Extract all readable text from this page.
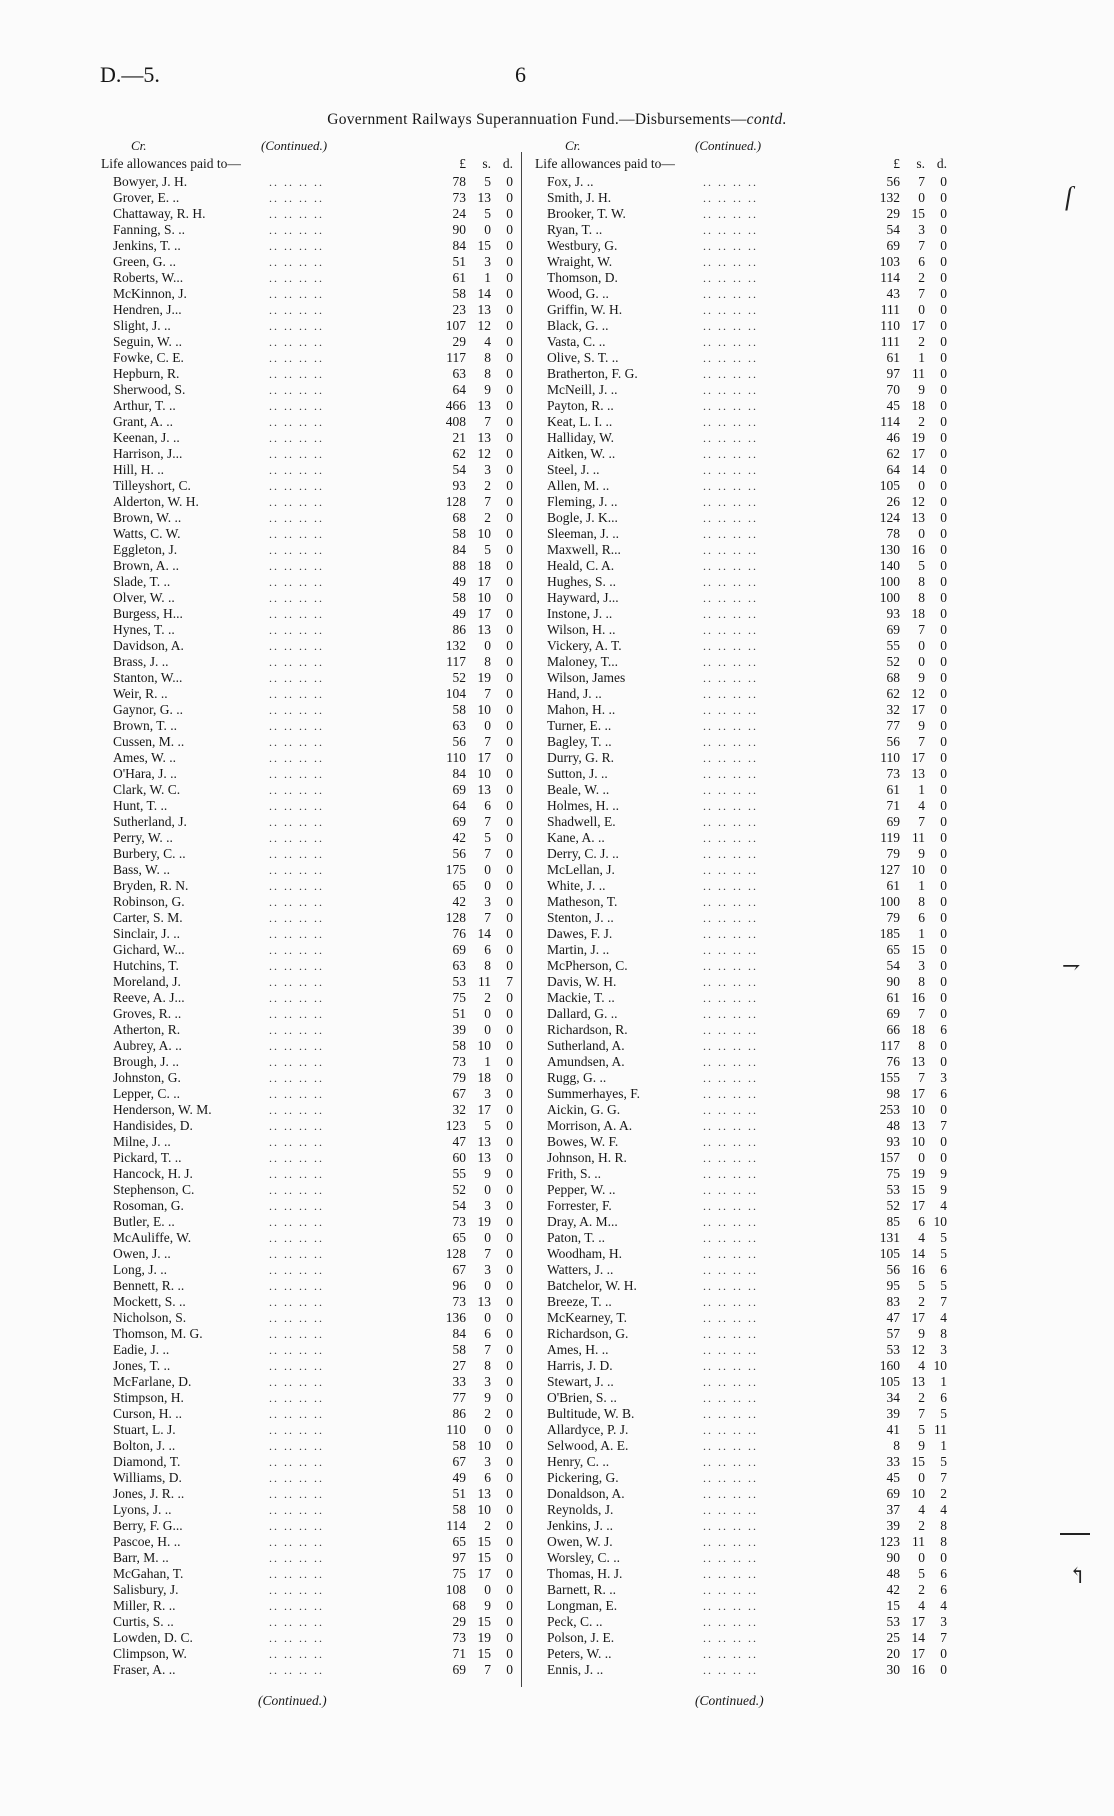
D.—5.	6
Government Railways Superannuation Fund.—Disbursements—contd.
Cr.	(Continued.)
Life allowances paid to—	£	s. d.
Bowyer, J. H.	.. .. .. ..	78	5	0
Grover, E. ..	.. .. .. ..	73 13	0
Chattaway, R. H.	.. .. .. ..	24	5	0
Fanning, S. ..	.. .. .. ..	90	0	0
Jenkins, T. ..	.. .. .. ..	84 15	0
Green, G. ..	.. .. .. ..	51	3	0
Roberts, W...	.. .. .. ..	61	1	0
McKinnon, J.	.. .. .. ..	58 14	0
Hendren, J...	.. .. .. ..	23 13	0
Slight, J. ..	.. .. .. ..	107 12	0
Seguin, W. ..	.. .. .. ..	29	4	0
Fowke, C. E.	.. .. .. ..	117	8	0
Hepburn, R.	.. .. .. ..	63	8	0
Sherwood, S.	.. .. .. ..	64	9	0
Arthur, T. ..	.. .. .. ..	466 13	0
Grant, A. ..	.. .. .. ..	408	7	0
Keenan, J. ..	.. .. .. ..	21 13	0
Harrison, J...	.. .. .. ..	62 12	0
Hill, H. ..	.. .. .. ..	54	3	0
Tilleyshort, C.	.. .. .. ..	93	2	0
Alderton, W. H.	.. .. .. ..	128	7	0
Brown, W. ..	.. .. .. ..	68	2	0
Watts, C. W.	.. .. .. ..	58 10	0
Eggleton, J.	.. .. .. ..	84	5	0
Brown, A. ..	.. .. .. ..	88 18	0
Slade, T. ..	.. .. .. ..	49 17	0
Olver, W. ..	.. .. .. ..	58 10	0
Burgess, H...	.. .. .. ..	49 17	0
Hynes, T. ..	.. .. .. ..	86 13	0
Davidson, A.	.. .. .. ..	132	0	0
Brass, J. ..	.. .. .. ..	117	8	0
Stanton, W...	.. .. .. ..	52 19	0
Weir, R. ..	.. .. .. ..	104	7	0
Gaynor, G. ..	.. .. .. ..	58 10	0
Brown, T. ..	.. .. .. ..	63	0	0
Cussen, M. ..	.. .. .. ..	56	7	0
Ames, W. ..	.. .. .. ..	110 17	0
O'Hara, J. ..	.. .. .. ..	84 10	0
Clark, W. C.	.. .. .. ..	69 13	0
Hunt, T. ..	.. .. .. ..	64	6	0
Sutherland, J.	.. .. .. ..	69	7	0
Perry, W. ..	.. .. .. ..	42	5	0
Burbery, C. ..	.. .. .. ..	56	7	0
Bass, W. ..	.. .. .. ..	175	0	0
Bryden, R. N.	.. .. .. ..	65	0	0
Robinson, G.	.. .. .. ..	42	3	0
Carter, S. M.	.. .. .. ..	128	7	0
Sinclair, J. ..	.. .. .. ..	76 14	0
Gichard, W...	.. .. .. ..	69	6	0
Hutchins, T.	.. .. .. ..	63	8	0
Moreland, J.	.. .. .. ..	53 11	7
Reeve, A. J...	.. .. .. ..	75	2	0
Groves, R. ..	.. .. .. ..	51	0	0
Atherton, R.	.. .. .. ..	39	0	0
Aubrey, A. ..	.. .. .. ..	58 10	0
Brough, J. ..	.. .. .. ..	73	1	0
Johnston, G.	.. .. .. ..	79 18	0
Lepper, C. ..	.. .. .. ..	67	3	0
Henderson, W. M.	.. .. .. ..	32 17	0
Handisides, D.	.. .. .. ..	123	5	0
Milne, J. ..	.. .. .. ..	47 13	0
Pickard, T. ..	.. .. .. ..	60 13	0
Hancock, H. J.	.. .. .. ..	55	9	0
Stephenson, C.	.. .. .. ..	52	0	0
Rosoman, G.	.. .. .. ..	54	3	0
Butler, E. ..	.. .. .. ..	73 19	0
McAuliffe, W.	.. .. .. ..	65	0	0
Owen, J. ..	.. .. .. ..	128	7	0
Long, J. ..	.. .. .. ..	67	3	0
Bennett, R. ..	.. .. .. ..	96	0	0
Mockett, S. ..	.. .. .. ..	73 13	0
Nicholson, S.	.. .. .. ..	136	0	0
Thomson, M. G.	.. .. .. ..	84	6	0
Eadie, J. ..	.. .. .. ..	58	7	0
Jones, T. ..	.. .. .. ..	27	8	0
McFarlane, D.	.. .. .. ..	33	3	0
Stimpson, H.	.. .. .. ..	77	9	0
Curson, H. ..	.. .. .. ..	86	2	0
Stuart, L. J.	.. .. .. ..	110	0	0
Bolton, J. ..	.. .. .. ..	58 10	0
Diamond, T.	.. .. .. ..	67	3	0
Williams, D.	.. .. .. ..	49	6	0
Jones, J. R. ..	.. .. .. ..	51 13	0
Lyons, J. ..	.. .. .. ..	58 10	0
Berry, F. G...	.. .. .. ..	114	2	0
Pascoe, H. ..	.. .. .. ..	65 15	0
Barr, M. ..	.. .. .. ..	97 15	0
McGahan, T.	.. .. .. ..	75 17	0
Salisbury, J.	.. .. .. ..	108	0	0
Miller, R. ..	.. .. .. ..	68	9	0
Curtis, S. ..	.. .. .. ..	29 15	0
Lowden, D. C.	.. .. .. ..	73 19	0
Climpson, W.	.. .. .. ..	71 15	0
Fraser, A. ..	.. .. .. ..	69	7	0
Cr.	(Continued.)
Life allowances paid to—	£	s. d.
Fox, J. ..	.. .. .. ..	56	7	0
Smith, J. H.	.. .. .. ..	132	0	0
Brooker, T. W.	.. .. .. ..	29 15	0
Ryan, T. ..	.. .. .. ..	54	3	0
Westbury, G.	.. .. .. ..	69	7	0
Wraight, W.	.. .. .. ..	103	6	0
Thomson, D.	.. .. .. ..	114	2	0
Wood, G. ..	.. .. .. ..	43	7	0
Griffin, W. H.	.. .. .. ..	111	0	0
Black, G. ..	.. .. .. ..	110 17	0
Vasta, C. ..	.. .. .. ..	111	2	0
Olive, S. T. ..	.. .. .. ..	61	1	0
Bratherton, F. G.	.. .. .. ..	97 11	0
McNeill, J. ..	.. .. .. ..	70	9	0
Payton, R. ..	.. .. .. ..	45 18	0
Keat, L. I. ..	.. .. .. ..	114	2	0
Halliday, W.	.. .. .. ..	46 19	0
Aitken, W. ..	.. .. .. ..	62 17	0
Steel, J. ..	.. .. .. ..	64 14	0
Allen, M. ..	.. .. .. ..	105	0	0
Fleming, J. ..	.. .. .. ..	26 12	0
Bogle, J. K...	.. .. .. ..	124 13	0
Sleeman, J. ..	.. .. .. ..	78	0	0
Maxwell, R...	.. .. .. ..	130 16	0
Heald, C. A.	.. .. .. ..	140	5	0
Hughes, S. ..	.. .. .. ..	100	8	0
Hayward, J...	.. .. .. ..	100	8	0
Instone, J. ..	.. .. .. ..	93 18	0
Wilson, H. ..	.. .. .. ..	69	7	0
Vickery, A. T.	.. .. .. ..	55	0	0
Maloney, T...	.. .. .. ..	52	0	0
Wilson, James	.. .. .. ..	68	9	0
Hand, J. ..	.. .. .. ..	62 12	0
Mahon, H. ..	.. .. .. ..	32 17	0
Turner, E. ..	.. .. .. ..	77	9	0
Bagley, T. ..	.. .. .. ..	56	7	0
Durry, G. R.	.. .. .. ..	110 17	0
Sutton, J. ..	.. .. .. ..	73 13	0
Beale, W. ..	.. .. .. ..	61	1	0
Holmes, H. ..	.. .. .. ..	71	4	0
Shadwell, E.	.. .. .. ..	69	7	0
Kane, A. ..	.. .. .. ..	119 11	0
Derry, C. J. ..	.. .. .. ..	79	9	0
McLellan, J.	.. .. .. ..	127 10	0
White, J. ..	.. .. .. ..	61	1	0
Matheson, T.	.. .. .. ..	100	8	0
Stenton, J. ..	.. .. .. ..	79	6	0
Dawes, F. J.	.. .. .. ..	185	1	0
Martin, J. ..	.. .. .. ..	65 15	0
McPherson, C.	.. .. .. ..	54	3	0
Davis, W. H.	.. .. .. ..	90	8	0
Mackie, T. ..	.. .. .. ..	61 16	0
Dallard, G. ..	.. .. .. ..	69	7	0
Richardson, R.	.. .. .. ..	66 18	6
Sutherland, A.	.. .. .. ..	117	8	0
Amundsen, A.	.. .. .. ..	76 13	0
Rugg, G. ..	.. .. .. ..	155	7	3
Summerhayes, F.	.. .. .. ..	98 17	6
Aickin, G. G.	.. .. .. ..	253 10	0
Morrison, A. A.	.. .. .. ..	48 13	7
Bowes, W. F.	.. .. .. ..	93 10	0
Johnson, H. R.	.. .. .. ..	157	0	0
Frith, S. ..	.. .. .. ..	75 19	9
Pepper, W. ..	.. .. .. ..	53 15	9
Forrester, F.	.. .. .. ..	52 17	4
Dray, A. M...	.. .. .. ..	85	6 10
Paton, T. ..	.. .. .. ..	131	4	5
Woodham, H.	.. .. .. ..	105 14	5
Watters, J. ..	.. .. .. ..	56 16	6
Batchelor, W. H.	.. .. .. ..	95	5	5
Breeze, T. ..	.. .. .. ..	83	2	7
McKearney, T.	.. .. .. ..	47 17	4
Richardson, G.	.. .. .. ..	57	9	8
Ames, H. ..	.. .. .. ..	53 12	3
Harris, J. D.	.. .. .. ..	160	4 10
Stewart, J. ..	.. .. .. ..	105 13	1
O'Brien, S. ..	.. .. .. ..	34	2	6
Bultitude, W. B.	.. .. .. ..	39	7	5
Allardyce, P. J.	.. .. .. ..	41	5 11
Selwood, A. E.	.. .. .. ..	8	9	1
Henry, C. ..	.. .. .. ..	33 15	5
Pickering, G.	.. .. .. ..	45	0	7
Donaldson, A.	.. .. .. ..	69 10	2
Reynolds, J.	.. .. .. ..	37	4	4
Jenkins, J. ..	.. .. .. ..	39	2	8
Owen, W. J.	.. .. .. ..	123 11	8
Worsley, C. ..	.. .. .. ..	90	0	0
Thomas, H. J.	.. .. .. ..	48	5	6
Barnett, R. ..	.. .. .. ..	42	2	6
Longman, E.	.. .. .. ..	15	4	4
Peck, C. ..	.. .. .. ..	53 17	3
Polson, J. E.	.. .. .. ..	25 14	7
Peters, W. ..	.. .. .. ..	20 17	0
Ennis, J. ..	.. .. .. ..	30 16	0
(Continued.)	(Continued.)
ſ
⇁
↰
